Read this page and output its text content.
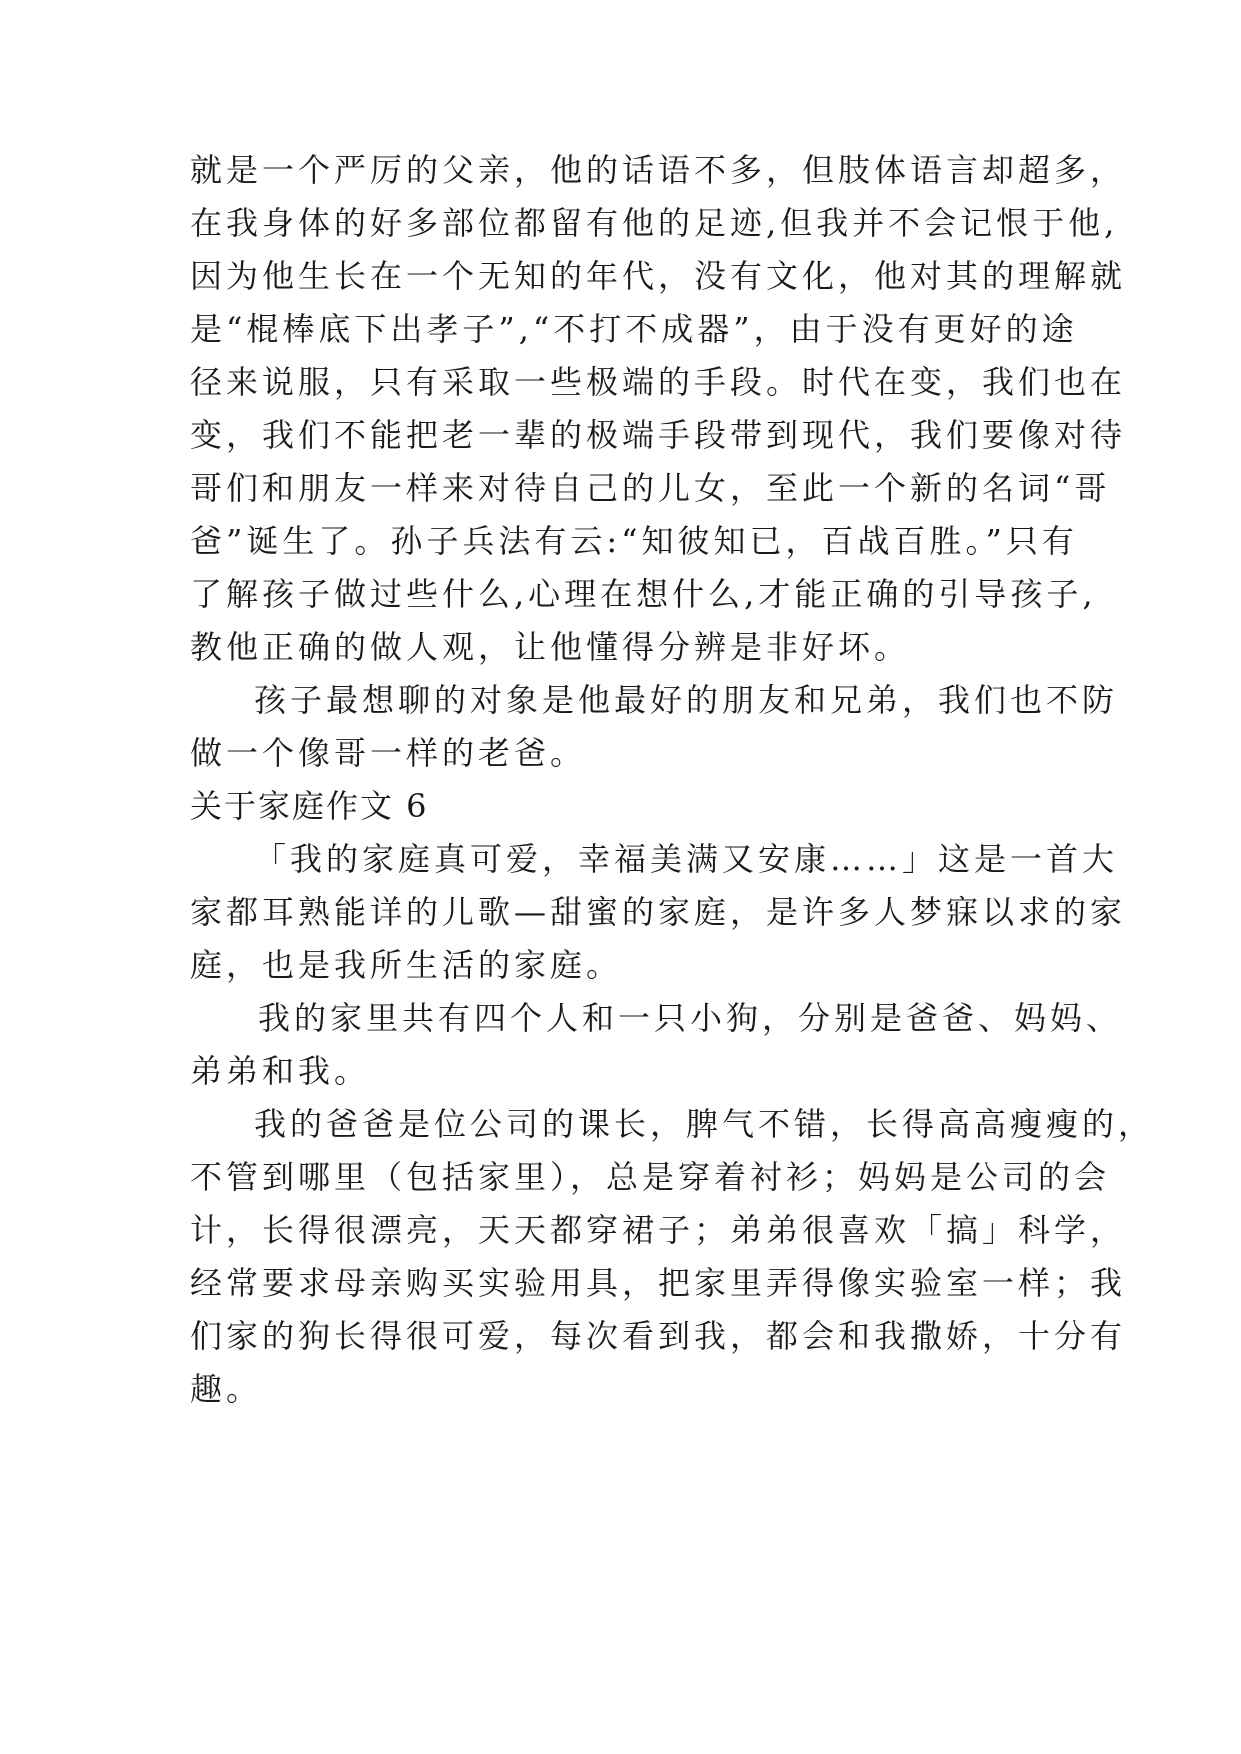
就是一个严厉的父亲，他的话语不多，但肢体语言却超多，
在我身体的好多部位都留有他的足迹,但我并不会记恨于他,
因为他生长在一个无知的年代，没有文化，他对其的理解就
是“棍棒底下出孝子”,“不打不成器”，由于没有更好的途
径来说服，只有采取一些极端的手段。时代在变，我们也在
变，我们不能把老一辈的极端手段带到现代，我们要像对待
哥们和朋友一样来对待自己的儿女，至此一个新的名词“哥
爸”诞生了。孙子兵法有云:“知彼知已，百战百胜。”只有
了解孩子做过些什么,心理在想什么,才能正确的引导孩子,
教他正确的做人观，让他懂得分辨是非好坏。
孩子最想聊的对象是他最好的朋友和兄弟，我们也不防
做一个像哥一样的老爸。
关于家庭作文 6
「我的家庭真可爱，幸福美满又安康……」这是一首大
家都耳熟能详的儿歌—甜蜜的家庭，是许多人梦寐以求的家
庭，也是我所生活的家庭。
我的家里共有四个人和一只小狗，分别是爸爸、妈妈、
弟弟和我。
我的爸爸是位公司的课长，脾气不错，长得高高瘦瘦的，
不管到哪里（包括家里），总是穿着衬衫；妈妈是公司的会
计，长得很漂亮，天天都穿裙子；弟弟很喜欢「搞」科学，
经常要求母亲购买实验用具，把家里弄得像实验室一样；我
们家的狗长得很可爱，每次看到我，都会和我撒娇，十分有
趣。
